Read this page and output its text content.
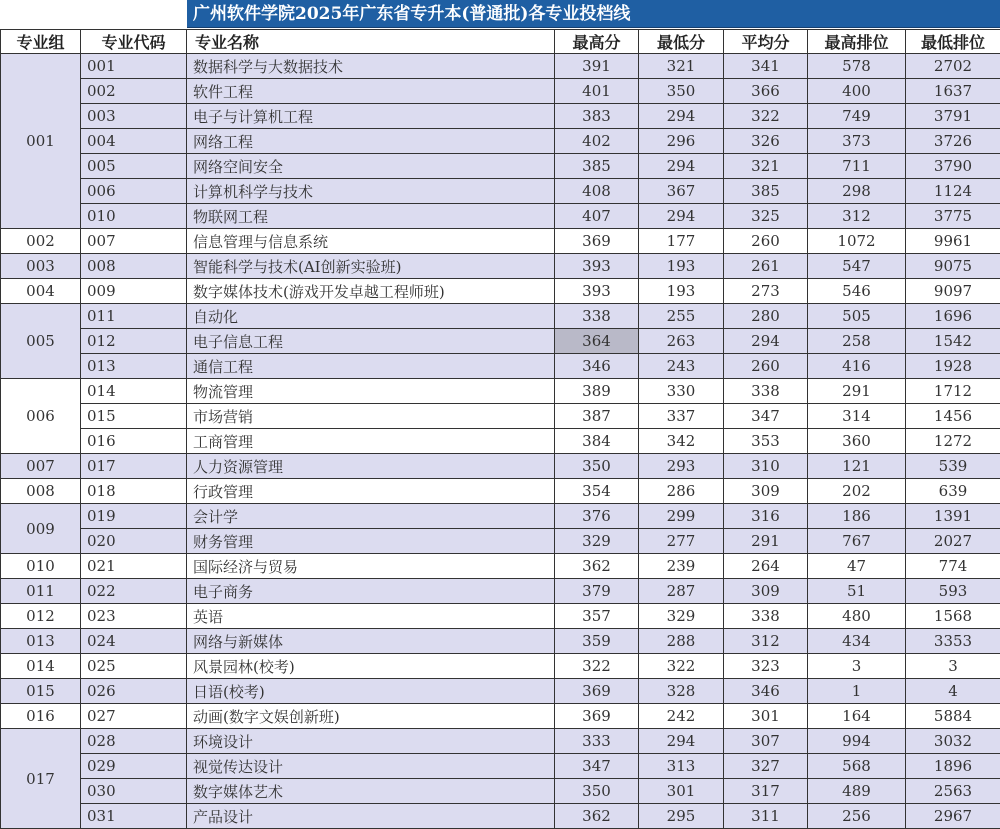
广州软件学院2025年广东省专升本(普通批)各专业投档线
专业组	专业代码	专业名称	最高分	最低分	平均分	最高排位	最低排位
001	001	数据科学与大数据技术	391	321	341	578	2702
	002	软件工程	401	350	366	400	1637
	003	电子与计算机工程	383	294	322	749	3791
	004	网络工程	402	296	326	373	3726
	005	网络空间安全	385	294	321	711	3790
	006	计算机科学与技术	408	367	385	298	1124
	010	物联网工程	407	294	325	312	3775
002	007	信息管理与信息系统	369	177	260	1072	9961
003	008	智能科学与技术(AI创新实验班)	393	193	261	547	9075
004	009	数字媒体技术(游戏开发卓越工程师班)	393	193	273	546	9097
005	011	自动化	338	255	280	505	1696
	012	电子信息工程	364	263	294	258	1542
	013	通信工程	346	243	260	416	1928
006	014	物流管理	389	330	338	291	1712
	015	市场营销	387	337	347	314	1456
	016	工商管理	384	342	353	360	1272
007	017	人力资源管理	350	293	310	121	539
008	018	行政管理	354	286	309	202	639
009	019	会计学	376	299	316	186	1391
	020	财务管理	329	277	291	767	2027
010	021	国际经济与贸易	362	239	264	47	774
011	022	电子商务	379	287	309	51	593
012	023	英语	357	329	338	480	1568
013	024	网络与新媒体	359	288	312	434	3353
014	025	风景园林(校考)	322	322	323	3	3
015	026	日语(校考)	369	328	346	1	4
016	027	动画(数字文娱创新班)	369	242	301	164	5884
017	028	环境设计	333	294	307	994	3032
	029	视觉传达设计	347	313	327	568	1896
	030	数字媒体艺术	350	301	317	489	2563
	031	产品设计	362	295	311	256	2967
